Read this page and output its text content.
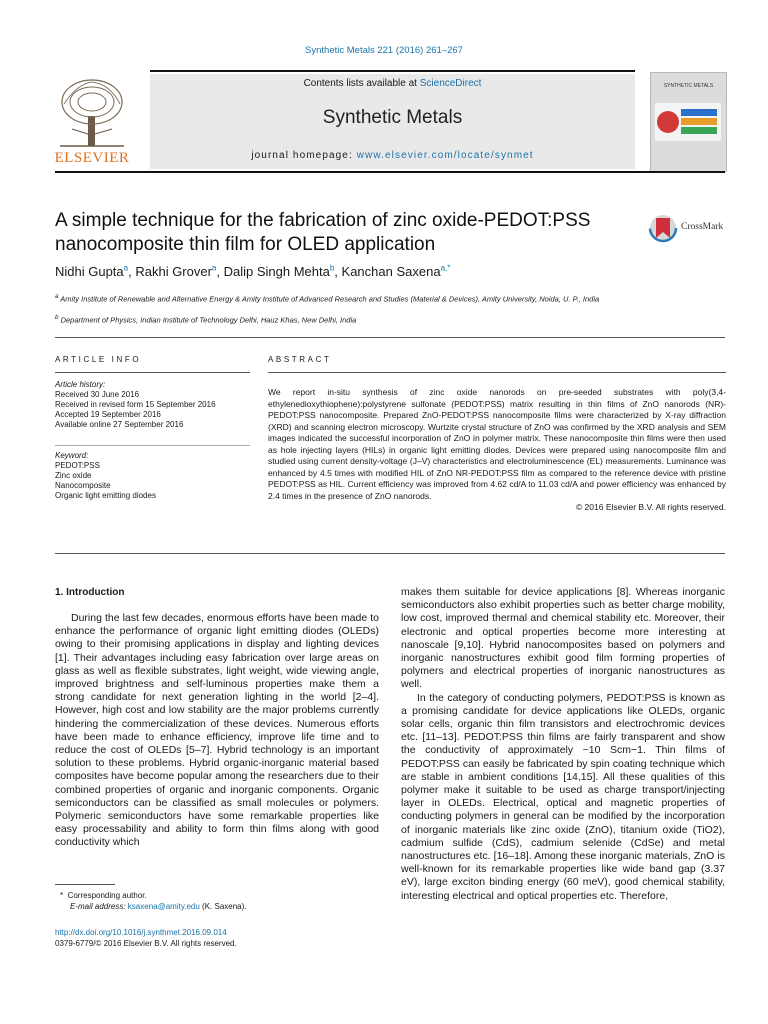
Synthetic Metals 221 (2016) 261–267
ELSEVIER
Contents lists available at ScienceDirect
Synthetic Metals
journal homepage: www.elsevier.com/locate/synmet
SYNTHETIC METALS
A simple technique for the fabrication of zinc oxide-PEDOT:PSS nanocomposite thin film for OLED application
CrossMark
Nidhi Gupta$^a$, Rakhi Grover$^a$, Dalip Singh Mehta$^b$, Kanchan Saxena$^{a,*}$
$^a$ Amity Institute of Renewable and Alternative Energy & Amity Institute of Advanced Research and Studies (Material & Devices), Amity University, Noida, U. P., India
$^b$ Department of Physics, Indian Institute of Technology Delhi, Hauz Khas, New Delhi, India
ARTICLE INFO
Article history:
Received 30 June 2016
Received in revised form 15 September 2016
Accepted 19 September 2016
Available online 27 September 2016
Keyword:
PEDOT:PSS
Zinc oxide
Nanocomposite
Organic light emitting diodes
ABSTRACT
We report in-situ synthesis of zinc oxide nanorods on pre-seeded substrates with poly(3,4-ethylenedioxythiophene):polystyrene sulfonate (PEDOT:PSS) matrix resulting in thin films of ZnO nanorods (NR)-PEDOT:PSS nanocomposite. Prepared ZnO-PEDOT:PSS nanocomposite films were characterized by X-ray diffraction (XRD) and scanning electron microscopy. Wurtzite crystal structure of ZnO was confirmed by the XRD analysis and SEM images indicated the successful incorporation of ZnO in polymer matrix. These nanocomposite thin films were then used as hole injecting layers (HILs) in organic light emitting diodes. Devices were prepared using nanocomposite film and studied using current density-voltage (J–V) characteristics and electroluminescence (EL) measurements. Luminance was enhanced by 4.5 times with modified HIL of ZnO NR-PEDOT:PSS film as compared to the reference device with pristine PEDOT:PSS as HIL. Current efficiency was improved from 4.62 cd/A to 11.03 cd/A and power efficiency was enhanced by 2.4 times in the presence of ZnO nanorods.
© 2016 Elsevier B.V. All rights reserved.
1. Introduction

During the last few decades, enormous efforts have been made to enhance the performance of organic light emitting diodes (OLEDs) owing to their promising applications in display and lighting devices [1]. Their advantages including easy fabrication over large areas on glass as well as flexible substrates, light weight, wide viewing angle, improved brightness and self-luminous properties make them a strong candidate for next generation lighting in the world [2–4]. However, high cost and low stability are the major problems currently hindering the commercialization of these devices. Numerous efforts have been made to enhance efficiency, improve life time and to reduce the cost of OLEDs [5–7]. Hybrid technology is an important solution to these problems. Hybrid organic-inorganic material based composites have become popular among the researchers due to their combined properties of organic and inorganic components. Organic semiconductors can be classified as small molecules or polymers. Polymeric semiconductors have some remarkable properties like easy processability and ability to form thin films along with good conductivity which

makes them suitable for device applications [8]. Whereas inorganic semiconductors also exhibit properties such as better charge mobility, low cost, improved thermal and chemical stability etc. Moreover, their electronic and optical properties become more interesting at nanoscale [9,10]. Hybrid nanocomposites based on polymers and inorganic nanostructures exhibit good film forming properties of polymers and electrical properties of inorganic nanostructures as well.

In the category of conducting polymers, PEDOT:PSS is known as a promising candidate for device applications like OLEDs, organic solar cells, organic thin film transistors and electrochromic devices etc. [11–13]. PEDOT:PSS thin films are fairly transparent and show the conductivity of approximately ~10 Scm−1. Thin films of PEDOT:PSS can easily be fabricated by spin coating technique which are stable in ambient conditions [14,15]. All these qualities of this polymer make it suitable to be used as charge transport/injecting layer in OLEDs. Electrical, optical and magnetic properties of conducting polymers in general can be modified by the incorporation of inorganic materials like zinc oxide (ZnO), titanium oxide (TiO2), cadmium sulfide (CdS), cadmium selenide (CdSe) and metal nanostructures etc. [16–18]. Among these inorganic materials, ZnO is well-known for its remarkable properties like wide band gap (3.37 eV), large exciton binding energy (60 meV), good chemical stability, interesting electrical and optical properties etc. Therefore,

* Corresponding author.
E-mail address: ksaxena@amity.edu (K. Saxena).
http://dx.doi.org/10.1016/j.synthmet.2016.09.014
0379-6779/© 2016 Elsevier B.V. All rights reserved.
